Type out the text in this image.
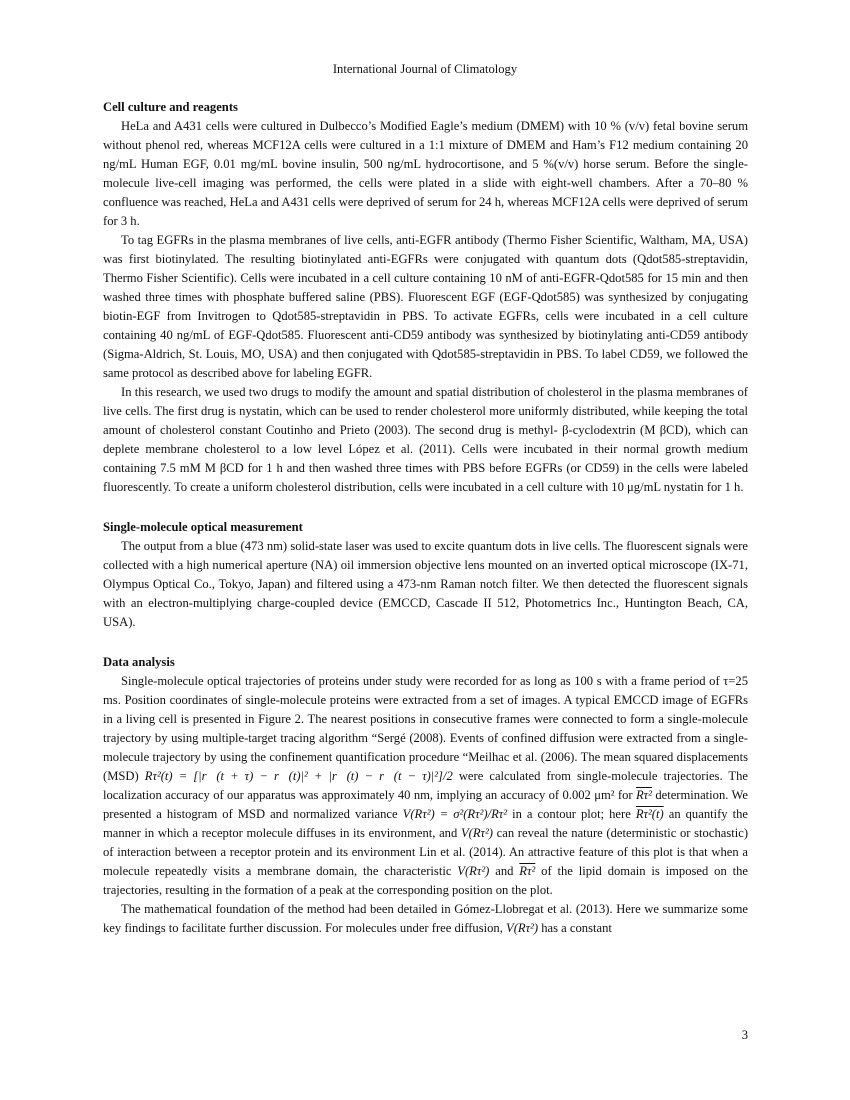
International Journal of Climatology

Cell culture and reagents

HeLa and A431 cells were cultured in Dulbecco’s Modified Eagle’s medium (DMEM) with 10 % (v/v) fetal bovine serum without phenol red, whereas MCF12A cells were cultured in a 1:1 mixture of DMEM and Ham’s F12 medium containing 20 ng/mL Human EGF, 0.01 mg/mL bovine insulin, 500 ng/mL hydrocortisone, and 5 %(v/v) horse serum. Before the single-molecule live-cell imaging was performed, the cells were plated in a slide with eight-well chambers. After a 70–80 % confluence was reached, HeLa and A431 cells were deprived of serum for 24 h, whereas MCF12A cells were deprived of serum for 3 h.

To tag EGFRs in the plasma membranes of live cells, anti-EGFR antibody (Thermo Fisher Scientific, Waltham, MA, USA) was first biotinylated. The resulting biotinylated anti-EGFRs were conjugated with quantum dots (Qdot585-streptavidin, Thermo Fisher Scientific). Cells were incubated in a cell culture containing 10 nM of anti-EGFR-Qdot585 for 15 min and then washed three times with phosphate buffered saline (PBS). Fluorescent EGF (EGF-Qdot585) was synthesized by conjugating biotin-EGF from Invitrogen to Qdot585-streptavidin in PBS. To activate EGFRs, cells were incubated in a cell culture containing 40 ng/mL of EGF-Qdot585. Fluorescent anti-CD59 antibody was synthesized by biotinylating anti-CD59 antibody (Sigma-Aldrich, St. Louis, MO, USA) and then conjugated with Qdot585-streptavidin in PBS. To label CD59, we followed the same protocol as described above for labeling EGFR.

In this research, we used two drugs to modify the amount and spatial distribution of cholesterol in the plasma membranes of live cells. The first drug is nystatin, which can be used to render cholesterol more uniformly distributed, while keeping the total amount of cholesterol constant Coutinho and Prieto (2003). The second drug is methyl- β-cyclodextrin (M βCD), which can deplete membrane cholesterol to a low level López et al. (2011). Cells were incubated in their normal growth medium containing 7.5 mM M βCD for 1 h and then washed three times with PBS before EGFRs (or CD59) in the cells were labeled fluorescently. To create a uniform cholesterol distribution, cells were incubated in a cell culture with 10 μg/mL nystatin for 1 h.

Single-molecule optical measurement

The output from a blue (473 nm) solid-state laser was used to excite quantum dots in live cells. The fluorescent signals were collected with a high numerical aperture (NA) oil immersion objective lens mounted on an inverted optical microscope (IX-71, Olympus Optical Co., Tokyo, Japan) and filtered using a 473-nm Raman notch filter. We then detected the fluorescent signals with an electron-multiplying charge-coupled device (EMCCD, Cascade II 512, Photometrics Inc., Huntington Beach, CA, USA).

Data analysis

Single-molecule optical trajectories of proteins under study were recorded for as long as 100 s with a frame period of τ=25 ms. Position coordinates of single-molecule proteins were extracted from a set of images. A typical EMCCD image of EGFRs in a living cell is presented in Figure 2. The nearest positions in consecutive frames were connected to form a single-molecule trajectory by using multiple-target tracing algorithm “Sergé (2008). Events of confined diffusion were extracted from a single-molecule trajectory by using the confinement quantification procedure “Meilhac et al. (2006). The mean squared displacements (MSD) Rτ²(t) = [|r⃗(t + τ) − r⃗(t)|² + |r⃗(t) − r⃗(t − τ)|²]/2 were calculated from single-molecule trajectories. The localization accuracy of our apparatus was approximately 40 nm, implying an accuracy of 0.002 μm² for Rτ² determination. We presented a histogram of MSD and normalized variance V(Rτ²) = σ²(Rτ²)/Rτ² in a contour plot; here Rτ²(t) an quantify the manner in which a receptor molecule diffuses in its environment, and V(Rτ²) can reveal the nature (deterministic or stochastic) of interaction between a receptor protein and its environment Lin et al. (2014). An attractive feature of this plot is that when a molecule repeatedly visits a membrane domain, the characteristic V(Rτ²) and Rτ² of the lipid domain is imposed on the trajectories, resulting in the formation of a peak at the corresponding position on the plot.

The mathematical foundation of the method had been detailed in Gómez-Llobregat et al. (2013). Here we summarize some key findings to facilitate further discussion. For molecules under free diffusion, V(Rτ²) has a constant

3
